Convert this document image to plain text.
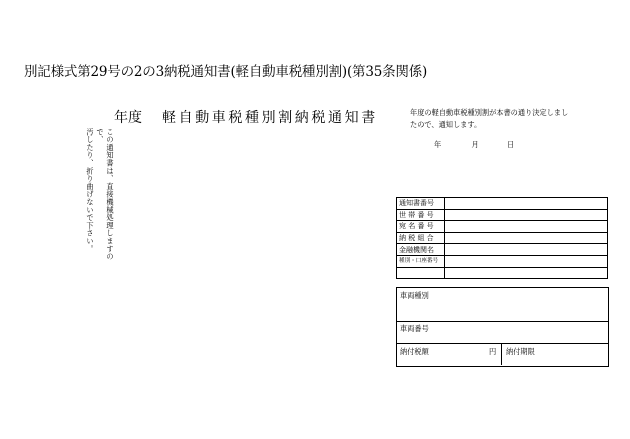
別記様式第29号の2の3納税通知書(軽自動車税種別割)(第35条関係)
年度 軽自動車税種別割納税通知書	年度の軽自動車税種別割が本書の通り決定しまし
たので、通知します。
年	月	日
この通知書は、直接機械処理しますので、
汚したり、折り曲げないで下さい。	通知書番号	
世 帯 番 号	
宛 名 番 号	
納 税 組 合	
金融機関名	
種別・口座番号	

車両種別
車両番号
納付税額	円 納付期限
